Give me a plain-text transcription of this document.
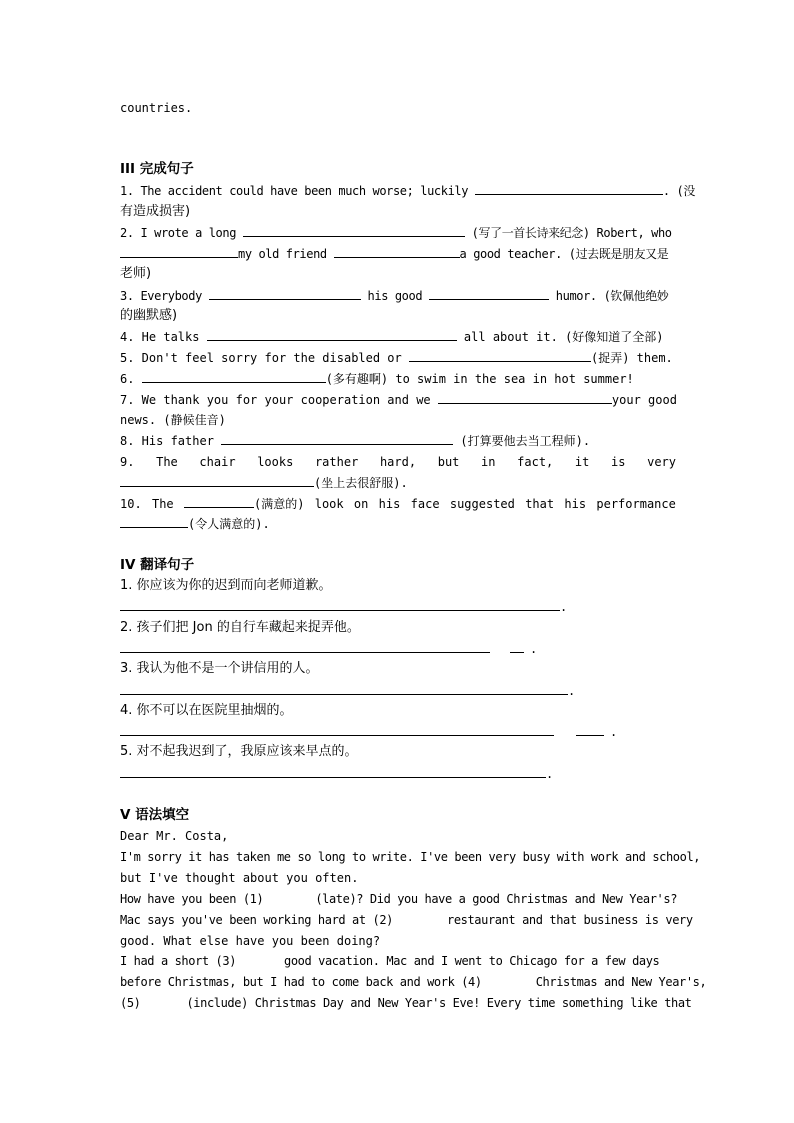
countries.
III 完成句子
1. The accident could have been much worse; luckily	. (没
有造成损害)
2. I wrote a long	(写了一首长诗来纪念) Robert, who
my old friend	a good teacher. (过去既是朋友又是
老师)
3. Everybody	his good	humor. (钦佩他绝妙
的幽默感)
4. He talks	all about it. (好像知道了全部)
5. Don't feel sorry for the disabled or	(捉弄) them.
6.	(多有趣啊) to swim in the sea in hot summer!
7. We thank you for your cooperation and we	your good
news. (静候佳音)
8. His father	(打算要他去当工程师).
9. The chair looks rather hard, but in fact, it is very
(坐上去很舒服).
10. The	(满意的) look on his face suggested that his performance
(令人满意的).
IV 翻译句子
1. 你应该为你的迟到而向老师道歉。
.
2. 孩子们把 Jon 的自行车藏起来捉弄他。
.
3. 我认为他不是一个讲信用的人。
.
4. 你不可以在医院里抽烟的。
.
5. 对不起我迟到了，我原应该来早点的。
.
V 语法填空
Dear Mr. Costa,
I'm sorry it has taken me so long to write. I've been very busy with work and school,
but I've thought about you often.
How have you been (1)	(late)? Did you have a good Christmas and New Year's?
Mac says you've been working hard at (2)	restaurant and that business is very
good. What else have you been doing?
I had a short (3)	good vacation. Mac and I went to Chicago for a few days
before Christmas, but I had to come back and work (4)	Christmas and New Year's,
(5)	(include) Christmas Day and New Year's Eve! Every time something like that
